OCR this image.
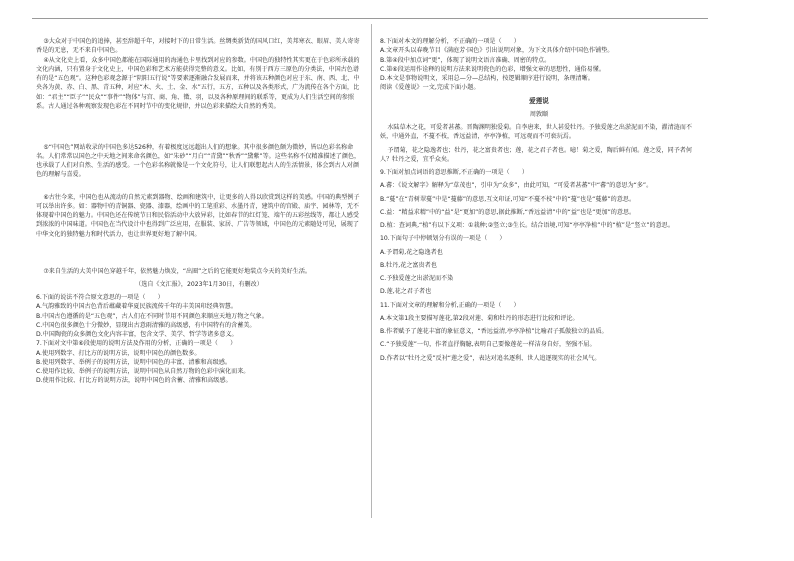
③大众对于中国色的追捧，甚至辞超千年，对接时下的日常生活。丝绸类新货的国风口红，美邦寒衣、眼眉、美人寄寄香是的无息，无不来自中国色。

④从文化史上看，众多中国色都能在国际通用的海通色卡里找到对应的参数。中国色的独特性其实更在于色彩所承载的文化内涵，只有置身于文化史上，中国色彩和艺术方能获得完整的意义。比如，有别于西方三原色的分类法，中国古色谱有的是“五色观”。这种色彩观念源于“阴阳五行说”等要素逐渐融合发展而来，并将该五种颜色对应于东、南、西、北、中央各为黄、赤、白、黑、青五种，对应“木、火、土、金、水”五行，五方，五种以及各类形式，广为流传在各个方面，比如：“君主”“臣子”“民众”“事件”“物体”与宫、商、角、徵、羽，以及各种原理间的联系等，更成为人们生活空间的参照系。古人通过各种观察发现色彩在不同时节中的变化规律，并以色彩来描绘大自然的秀美。

⑤“中国色”网站收录的中国色多达526种，有着极度远远超出人们的想象。其中很多颜色颇为微妙，皆以色彩名称命名。人们常常以国色之中天地之间来命名颜色，如“朱砂”“月白”“青黛”“秋香”“黛紫”等。这些名称不仅精准描述了颜色，也承载了人们对自然、生活的感受。一个色彩名称就像是一个文化符号，让人们联想起古人的生活情景，体会到古人对颜色的理解与喜爱。

⑥古往今来，中国色也从流动的自然元素到器物、绘画和建筑中，让更多的人得以欣赏到这样的美感。中国的典型例子可以举出许多。如：器物中的青铜器、瓷器、漆器，绘画中的工笔重彩、水墨丹青，建筑中的宫殿、庙宇、园林等，无不体现着中国色的魅力。中国色还在传统节日和民俗活动中大放异彩，比如春节的红灯笼、端午的五彩丝线等，都让人感受到浓浓的中国味道。中国色在当代设计中也得到广泛应用，在服装、家居、广告等领域，中国色的元素随处可见，展现了中华文化的独特魅力和时代活力，也让世界更好地了解中国。

⑦来自生活的大美中国色穿越千年，依然魅力焕发，“出圈”之后的它能更好地装点今天的美好生活。

（选自《文汇报》，2023年1月30日，有删改）

6.下面的说法不符合原文意思的一项是（　　）

A.气韵雅致的中国古色背后蕴藏着华夏民族流传千年的丰美国印经典智慧。

B.中国古色遵循的是“五色观”，古人们在不同时节用不同颜色来顺应天地万物之气象。

C.中国色很多颜色十分微妙，显现出古意雨清雅的高级感，有中国特有的含蓄美。

D.中国陶瓷的众多颜色文化内容丰富，包含文学、美学、哲学等诸多意义。

7.下面对文中第⑥段使用的说明方法及作用的分析，正确的一项是（　　）

A.使用列数字、打比方的说明方法，说明中国色的颜色数多。

B.使用列数字、举例子的说明方法，说明中国色的丰富、清雅和高级感。

C.使用作比较、举例子的说明方法，说明中国色从自然万物的色彩中演化而来。

D.使用作比较、打比方的说明方法，说明中国色的含蓄、清雅和高级感。

8.下面对本文的理解分析，不正确的一项是（　　）

A.文章开头以春晚节目《满庭芳·国色》引出说明对象，为下文具体介绍中国色作铺垫。

B.第④段中加点词“更”，体现了说明文语言准确、周密的特点。

C.第⑥段运用作诠释的说明方法来说明瓷色的色彩，增强文章的思想性，通俗易懂。

D.本文是事物说明文，采用总—分—总结构，按逻辑顺序进行说明，条理清晰。

阅读《爱莲说》一文,完成下面小题。

爱莲说

周敦颐

水陆草木之花，可爱者甚蕃。晋陶渊明独爱菊。自李唐来，世人甚爱牡丹。予独爱莲之出淤泥而不染，濯清涟而不妖，中通外直，不蔓不枝，香远益清，亭亭净植，可远观而不可亵玩焉。

予谓菊，花之隐逸者也；牡丹，花之富贵者也；莲，花之君子者也。噫！菊之爱，陶后鲜有闻。莲之爱，同予者何人？牡丹之爱，宜乎众矣。

9.下面对加点词语的意思推断,不正确的一项是（　　）

A.蕃：《说文解字》解释为“草茂也”，引申为“众多”，由此可知，“可爱者甚蕃”中“蕃”的意思为“多”。

B.“蔓”在“青树翠蔓”中是“蔓藤”的意思,互文印证,可知“不蔓不枝”中的“蔓”也是“蔓藤”的意思。

C.益：“精益求精”中的“益”是“更加”的意思,据此推断,“香远益清”中的“益”也是“更加”的意思。

D.植：查词典,“植”有以下义项：①栽种;②竖立;③生长。结合语境,可知“亭亭净植”中的“植”是“竖立”的意思。

10.下面句子中停顿划分有误的一项是（　　）

A.予谓菊,花之隐逸者也

B.牡丹,花之富贵者也

C.予独爱莲之出淤泥而不染

D.莲,花之君子者也

11.下面对文章的理解和分析,正确的一项是（　　）

A.本文第1段主要描写莲花,第2段对莲、菊和牡丹的形态进行比较和评论。

B.作者赋予了莲花丰富的象征意义，“香远益清,亭亭净植”比喻君子孤傲独立的品质。

C.“予独爱莲”一句，作者直抒胸臆,表明自己要像莲花一样洁身自好，坚强不屈。

D.作者以“牡丹之爱”反衬“莲之爱”，表达对追名逐利、世人追逐现实的社会风气。
